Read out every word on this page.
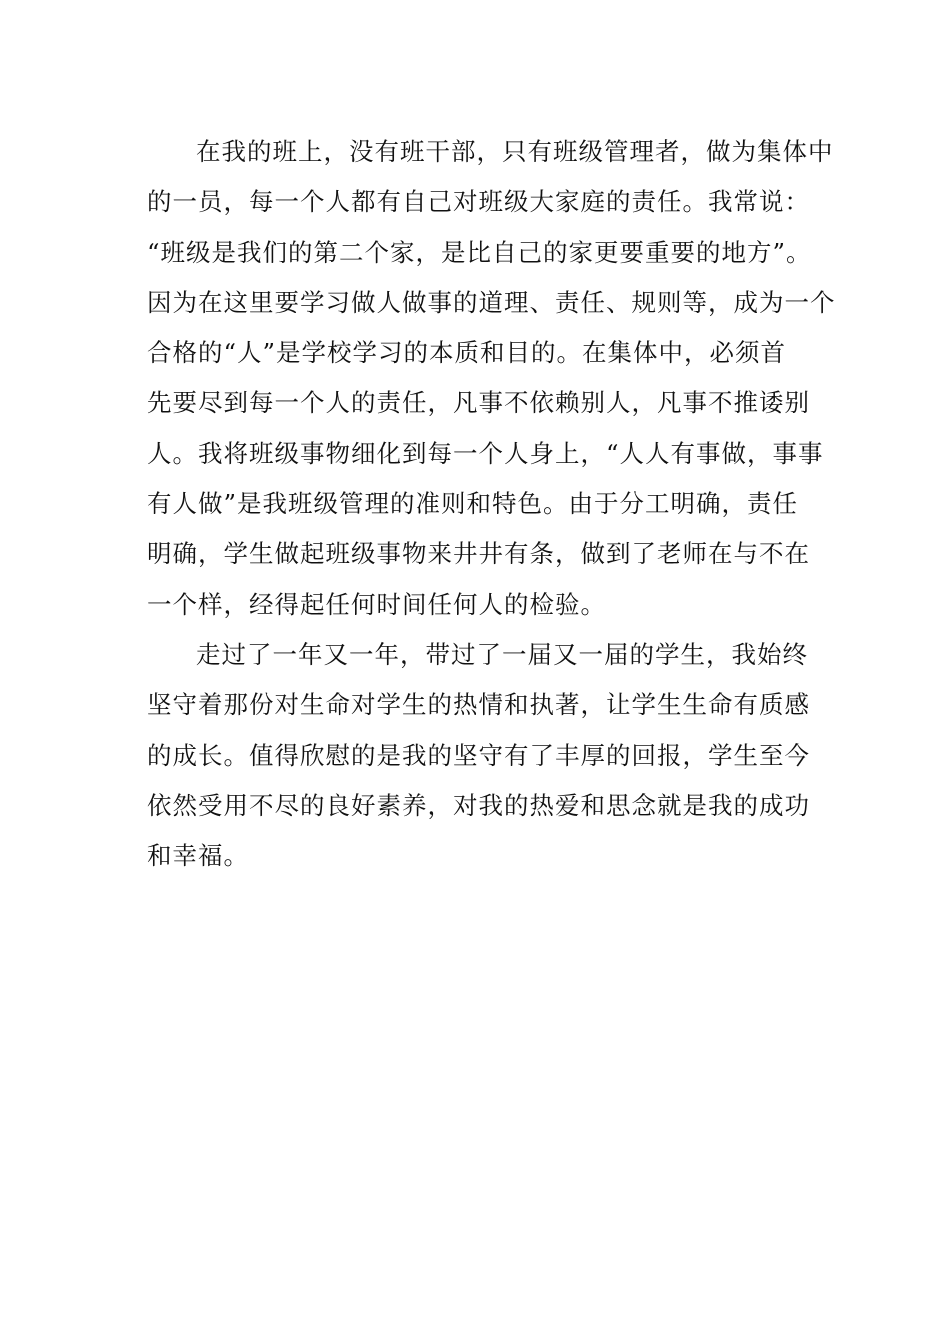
在我的班上，没有班干部，只有班级管理者，做为集体中
的一员，每一个人都有自己对班级大家庭的责任。我常说：
“班级是我们的第二个家，是比自己的家更要重要的地方”。
因为在这里要学习做人做事的道理、责任、规则等，成为一个
合格的“人”是学校学习的本质和目的。在集体中，必须首
先要尽到每一个人的责任，凡事不依赖别人，凡事不推诿别
人。我将班级事物细化到每一个人身上，“人人有事做，事事
有人做”是我班级管理的准则和特色。由于分工明确，责任
明确，学生做起班级事物来井井有条，做到了老师在与不在
一个样，经得起任何时间任何人的检验。
走过了一年又一年，带过了一届又一届的学生，我始终
坚守着那份对生命对学生的热情和执著，让学生生命有质感
的成长。值得欣慰的是我的坚守有了丰厚的回报，学生至今
依然受用不尽的良好素养，对我的热爱和思念就是我的成功
和幸福。
